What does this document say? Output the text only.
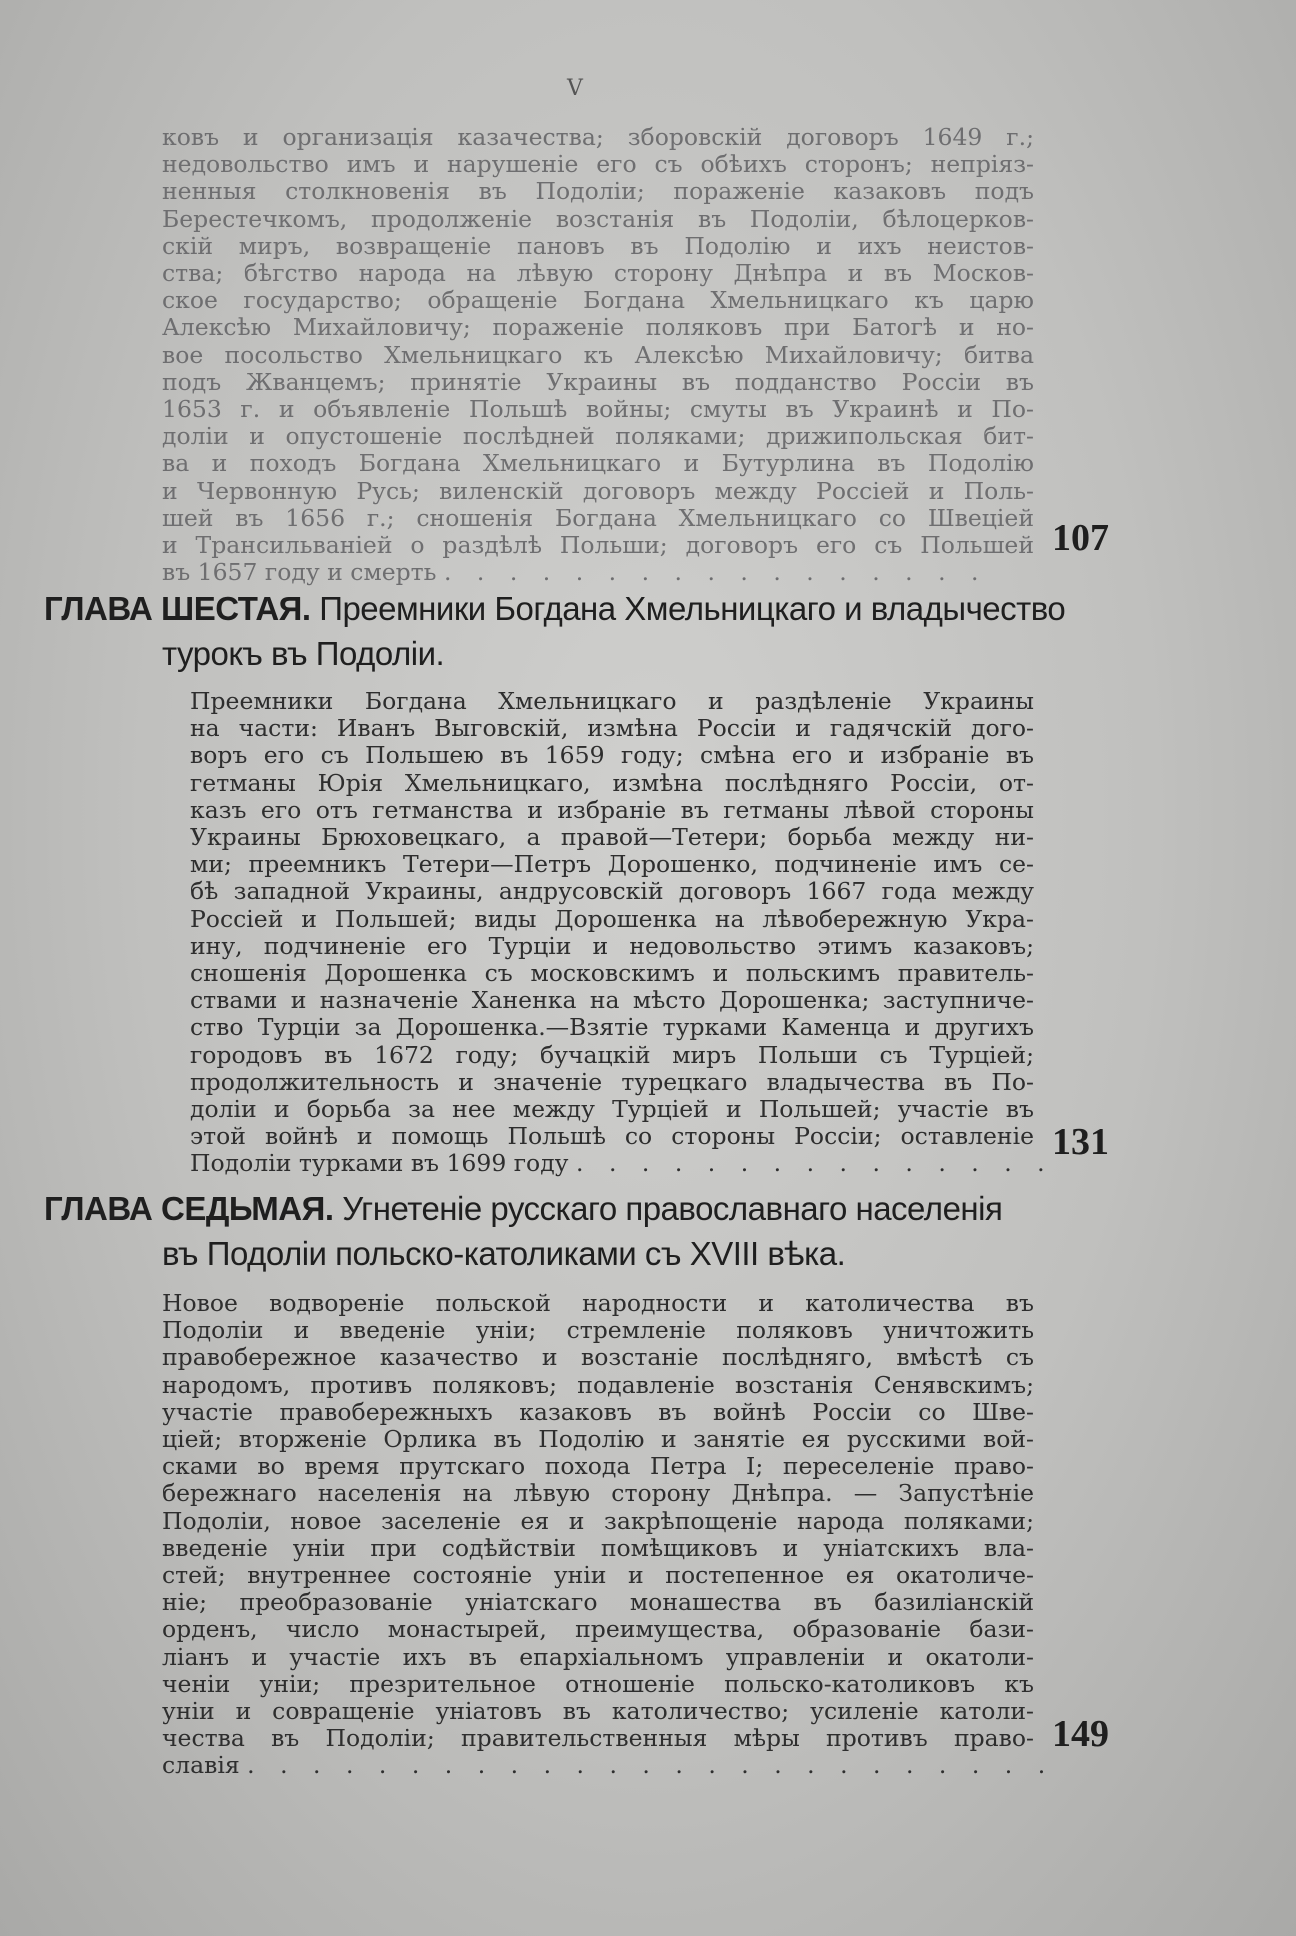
V
ковъ и организація казачества; зборовскій договоръ 1649 г.;
недовольство имъ и нарушеніе его съ обѣихъ сторонъ; непріяз-
ненныя столкновенія въ Подоліи; пораженіе казаковъ подъ
Берестечкомъ, продолженіе возстанія въ Подоліи, бѣлоцерков-
скій миръ, возвращеніе пановъ въ Подолію и ихъ неистов-
ства; бѣгство народа на лѣвую сторону Днѣпра и въ Москов-
ское государство; обращеніе Богдана Хмельницкаго къ царю
Алексѣю Михайловичу; пораженіе поляковъ при Батогѣ и но-
вое посольство Хмельницкаго къ Алексѣю Михайловичу; битва
подъ Жванцемъ; принятіе Украины въ подданство Россіи въ
1653 г. и объявленіе Польшѣ войны; смуты въ Украинѣ и По-
доліи и опустошеніе послѣдней поляками; дрижипольская бит-
ва и походъ Богдана Хмельницкаго и Бутурлина въ Подолію
и Червонную Русь; виленскій договоръ между Россіей и Поль-
шей въ 1656 г.; сношенія Богдана Хмельницкаго со Швеціей
и Трансильваніей о раздѣлѣ Польши; договоръ его съ Польшей
въ 1657 году и смерть . . . . . . . . . . . . . . . . .
107
ГЛАВА ШЕСТАЯ. Преемники Богдана Хмельницкаго и владычество
турокъ въ Подоліи.
Преемники Богдана Хмельницкаго и раздѣленіе Украины
на части: Иванъ Выговскій, измѣна Россіи и гадячскій дого-
воръ его съ Польшею въ 1659 году; смѣна его и избраніе въ
гетманы Юрія Хмельницкаго, измѣна послѣдняго Россіи, от-
казъ его отъ гетманства и избраніе въ гетманы лѣвой стороны
Украины Брюховецкаго, а правой—Тетери; борьба между ни-
ми; преемникъ Тетери—Петръ Дорошенко, подчиненіе имъ се-
бѣ западной Украины, андрусовскій договоръ 1667 года между
Россіей и Польшей; виды Дорошенка на лѣвобережную Укра-
ину, подчиненіе его Турціи и недовольство этимъ казаковъ;
сношенія Дорошенка съ московскимъ и польскимъ правитель-
ствами и назначеніе Ханенка на мѣсто Дорошенка; заступниче-
ство Турціи за Дорошенка.—Взятіе турками Каменца и другихъ
городовъ въ 1672 году; бучацкій миръ Польши съ Турціей;
продолжительность и значеніе турецкаго владычества въ По-
доліи и борьба за нее между Турціей и Польшей; участіе въ
этой войнѣ и помощь Польшѣ со стороны Россіи; оставленіе
Подоліи турками въ 1699 году . . . . . . . . . . . . . . .
131
ГЛАВА СЕДЬМАЯ. Угнетеніе русскаго православнаго населенія
въ Подоліи польско-католиками съ XVIII вѣка.
Новое водвореніе польской народности и католичества въ
Подоліи и введеніе уніи; стремленіе поляковъ уничтожить
правобережное казачество и возстаніе послѣдняго, вмѣстѣ съ
народомъ, противъ поляковъ; подавленіе возстанія Сенявскимъ;
участіе правобережныхъ казаковъ въ войнѣ Россіи со Шве-
ціей; вторженіе Орлика въ Подолію и занятіе ея русскими вой-
сками во время прутскаго похода Петра I; переселеніе право-
бережнаго населенія на лѣвую сторону Днѣпра. — Запустѣніе
Подоліи, новое заселеніе ея и закрѣпощеніе народа поляками;
введеніе уніи при содѣйствіи помѣщиковъ и уніатскихъ вла-
стей; внутреннее состояніе уніи и постепенное ея окатоличе-
ніе; преобразованіе уніатскаго монашества въ базиліанскій
орденъ, число монастырей, преимущества, образованіе бази-
ліанъ и участіе ихъ въ епархіальномъ управленіи и окатоли-
ченіи уніи; презрительное отношеніе польско-католиковъ къ
уніи и совращеніе уніатовъ въ католичество; усиленіе католи-
чества въ Подоліи; правительственныя мѣры противъ право-
славія . . . . . . . . . . . . . . . . . . . . . . . . .
149
